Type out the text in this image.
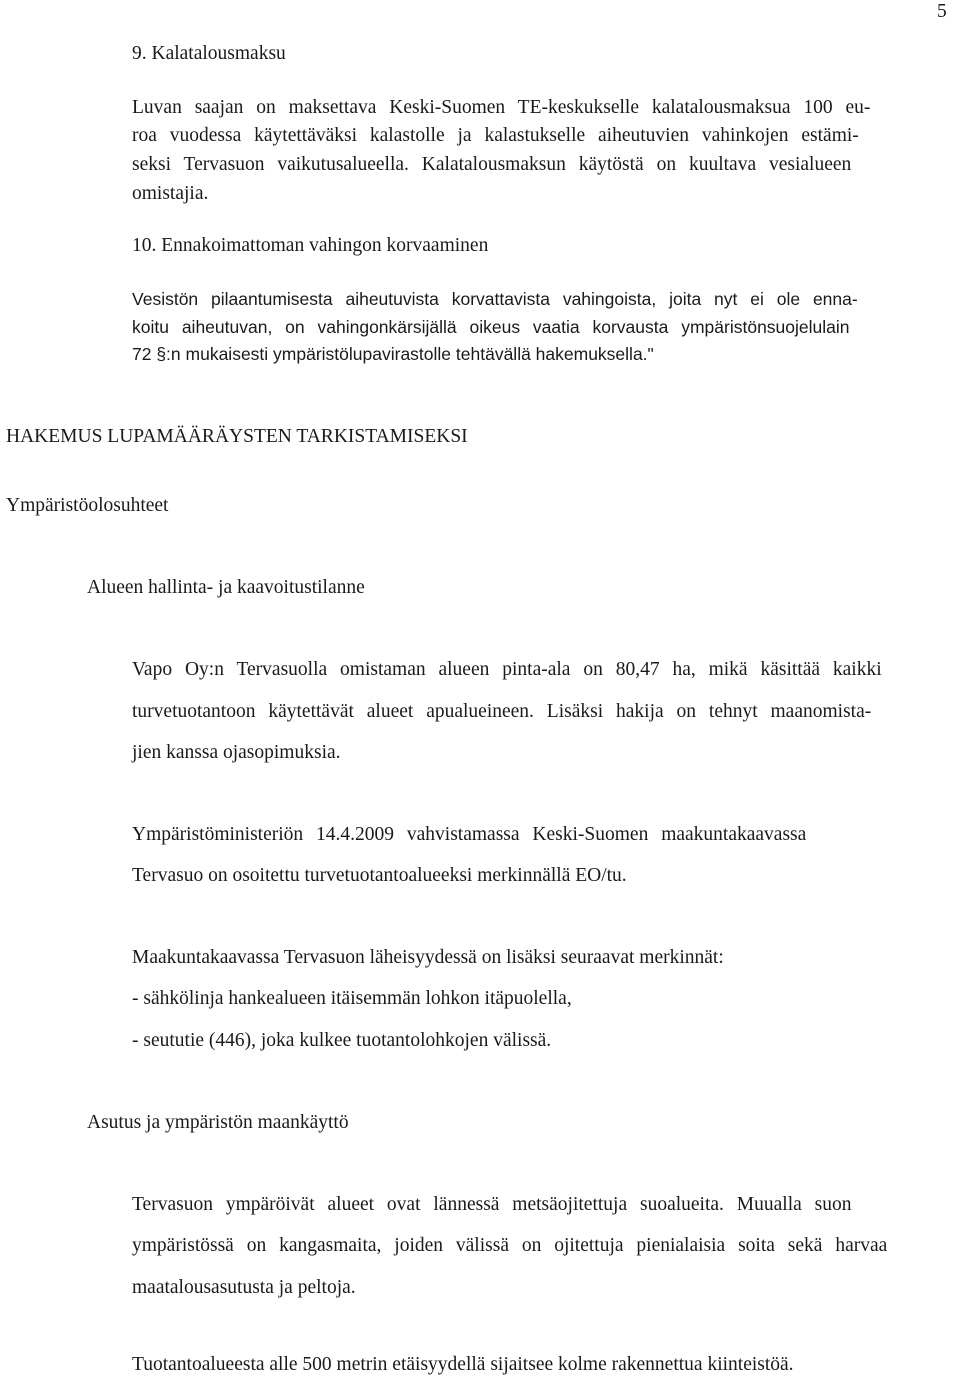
5
9. Kalatalousmaksu
Luvan saajan on maksettava Keski-Suomen TE-keskukselle kalatalousmaksua 100 eu-
roa vuodessa käytettäväksi kalastolle ja kalastukselle aiheutuvien vahinkojen estämi-
seksi Tervasuon vaikutusalueella. Kalatalousmaksun käytöstä on kuultava vesialueen
omistajia.
10. Ennakoimattoman vahingon korvaaminen
Vesistön pilaantumisesta aiheutuvista korvattavista vahingoista, joita nyt ei ole enna-
koitu aiheutuvan, on vahingonkärsijällä oikeus vaatia korvausta ympäristönsuojelulain
72 §:n mukaisesti ympäristölupavirastolle tehtävällä hakemuksella."
HAKEMUS LUPAMÄÄRÄYSTEN TARKISTAMISEKSI
Ympäristöolosuhteet
Alueen hallinta- ja kaavoitustilanne
Vapo Oy:n Tervasuolla omistaman alueen pinta-ala on 80,47 ha, mikä käsittää kaikki
turvetuotantoon käytettävät alueet apualueineen. Lisäksi hakija on tehnyt maanomista-
jien kanssa ojasopimuksia.
Ympäristöministeriön 14.4.2009 vahvistamassa Keski-Suomen maakuntakaavassa
Tervasuo on osoitettu turvetuotantoalueeksi merkinnällä EO/tu.
Maakuntakaavassa Tervasuon läheisyydessä on lisäksi seuraavat merkinnät:
- sähkölinja hankealueen itäisemmän lohkon itäpuolella,
- seututie (446), joka kulkee tuotantolohkojen välissä.
Asutus ja ympäristön maankäyttö
Tervasuon ympäröivät alueet ovat lännessä metsäojitettuja suoalueita. Muualla suon
ympäristössä on kangasmaita, joiden välissä on ojitettuja pienialaisia soita sekä harvaa
maatalousasutusta ja peltoja.
Tuotantoalueesta alle 500 metrin etäisyydellä sijaitsee kolme rakennettua kiinteistöä.
